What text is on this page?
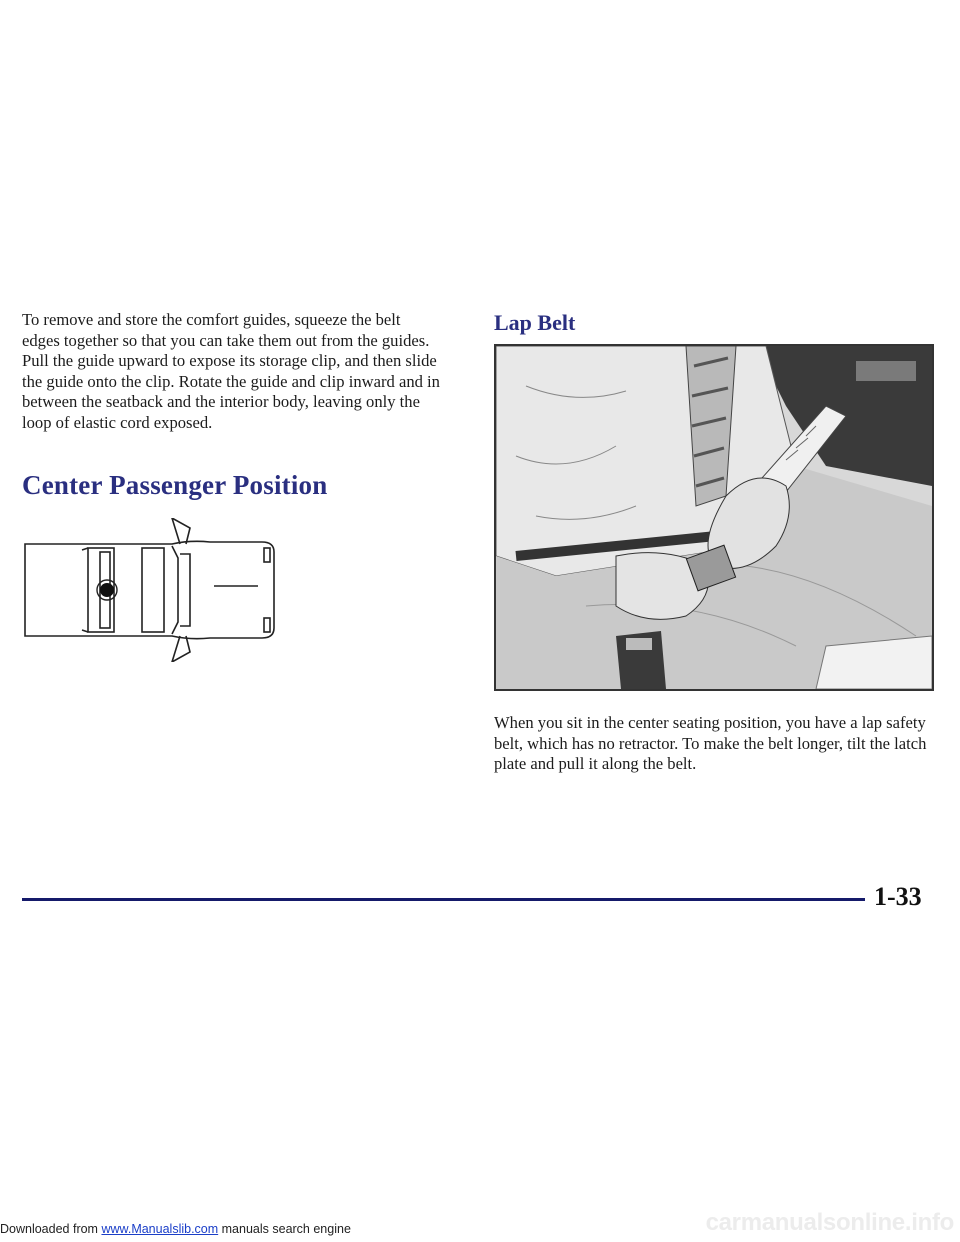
To remove and store the comfort guides, squeeze the belt edges together so that you can take them out from the guides. Pull the guide upward to expose its storage clip, and then slide the guide onto the clip. Rotate the guide and clip inward and in between the seatback and the interior body, leaving only the loop of elastic cord exposed.

Center Passenger Position
Lap Belt

When you sit in the center seating position, you have a lap safety belt, which has no retractor. To make the belt longer, tilt the latch plate and pull it along the belt.

1-33
carmanualsonline.info
Downloaded from www.Manualslib.com manuals search engine
